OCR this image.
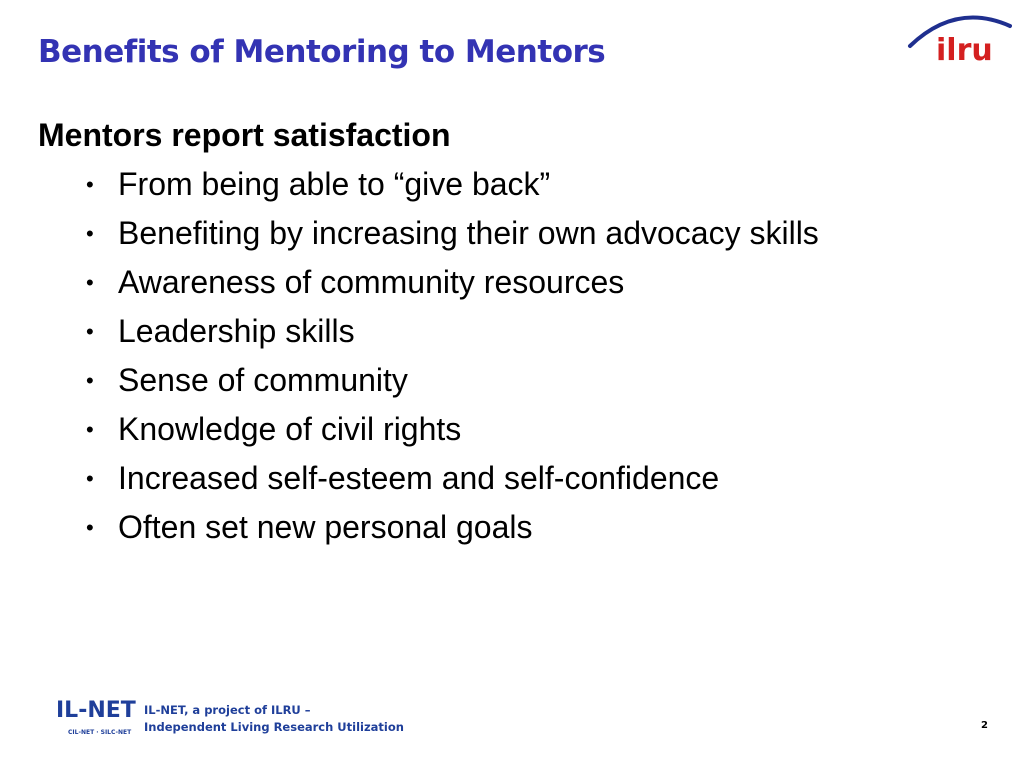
Benefits of Mentoring to Mentors	ilru

Mentors report satisfaction

• From being able to “give back”
• Benefiting by increasing their own advocacy skills
• Awareness of community resources
• Leadership skills
• Sense of community
• Knowledge of civil rights
• Increased self-esteem and self-confidence
• Often set new personal goals
IL-NET
CIL-NET · SILC-NET
IL-NET, a project of ILRU –
Independent Living Research Utilization	2
